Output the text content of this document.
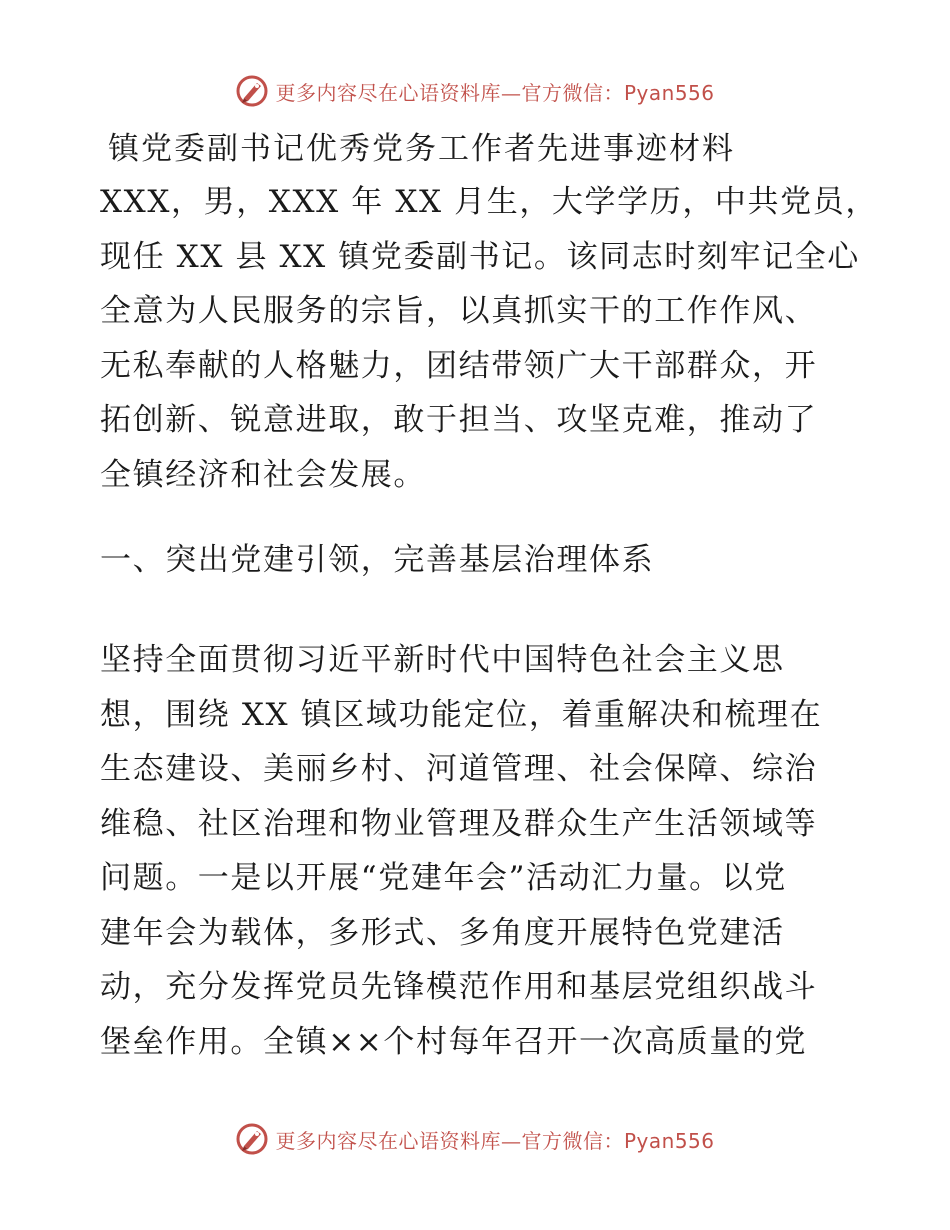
更多内容尽在心语资料库—官方微信：Pyan556
镇党委副书记优秀党务工作者先进事迹材料
XXX，男，XXX 年 XX 月生，大学学历，中共党员，
现任 XX 县 XX 镇党委副书记。该同志时刻牢记全心
全意为人民服务的宗旨，以真抓实干的工作作风、
无私奉献的人格魅力，团结带领广大干部群众，开
拓创新、锐意进取，敢于担当、攻坚克难，推动了
全镇经济和社会发展。
一、突出党建引领，完善基层治理体系
坚持全面贯彻习近平新时代中国特色社会主义思
想，围绕 XX 镇区域功能定位，着重解决和梳理在
生态建设、美丽乡村、河道管理、社会保障、综治
维稳、社区治理和物业管理及群众生产生活领域等
问题。一是以开展“党建年会”活动汇力量。以党
建年会为载体，多形式、多角度开展特色党建活
动，充分发挥党员先锋模范作用和基层党组织战斗
堡垒作用。全镇××个村每年召开一次高质量的党
更多内容尽在心语资料库—官方微信：Pyan556
